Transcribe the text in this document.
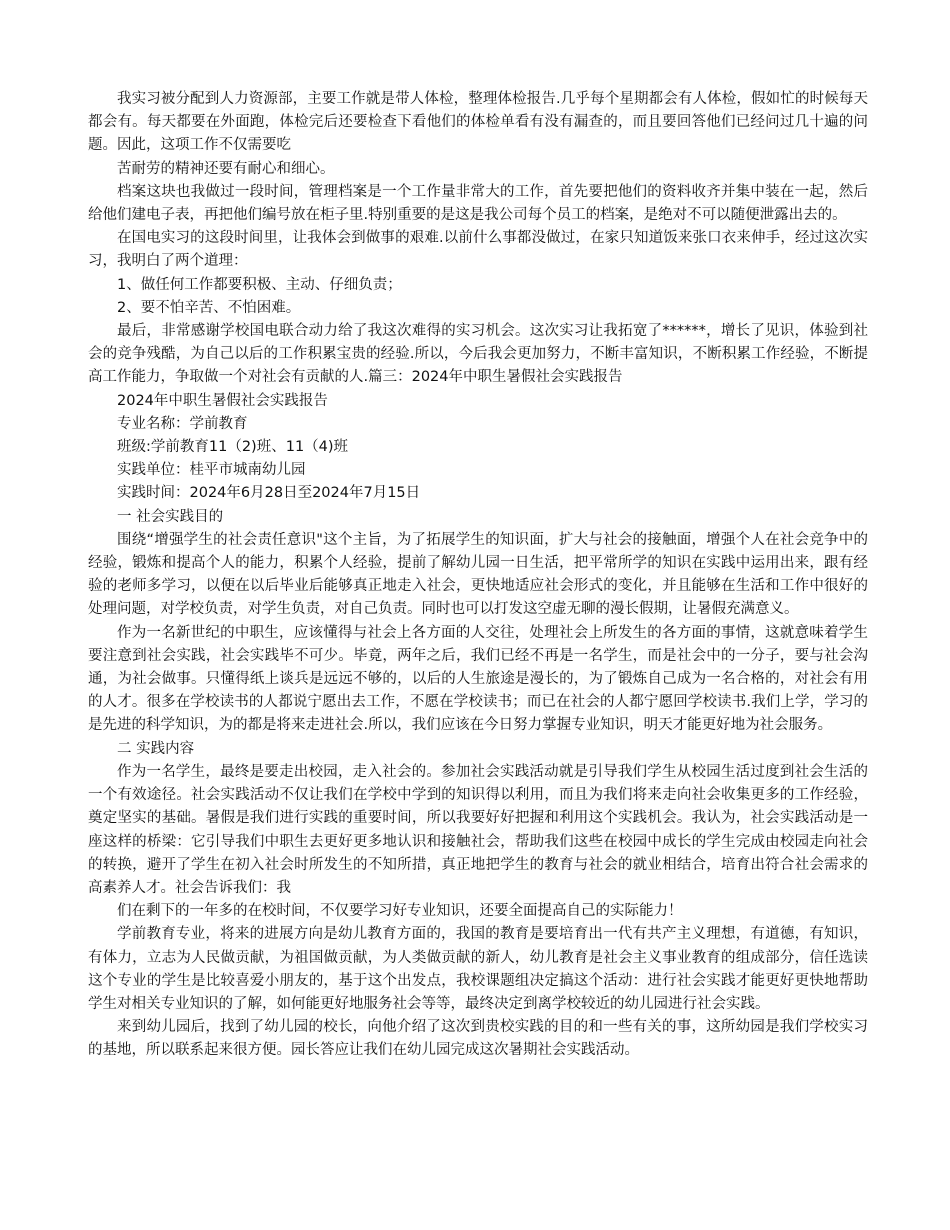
我实习被分配到人力资源部，主要工作就是带人体检，整理体检报告.几乎每个星期都会有人体检，假如忙的时候每天都会有。每天都要在外面跑，体检完后还要检查下看他们的体检单看有没有漏查的，而且要回答他们已经问过几十遍的问题。因此，这项工作不仅需要吃

苦耐劳的精神还要有耐心和细心。

档案这块也我做过一段时间，管理档案是一个工作量非常大的工作，首先要把他们的资料收齐并集中装在一起，然后给他们建电子表，再把他们编号放在柜子里.特别重要的是这是我公司每个员工的档案，是绝对不可以随便泄露出去的。

在国电实习的这段时间里，让我体会到做事的艰难.以前什么事都没做过，在家只知道饭来张口衣来伸手，经过这次实习，我明白了两个道理：

1、做任何工作都要积极、主动、仔细负责；

2、要不怕辛苦、不怕困难。

最后，非常感谢学校国电联合动力给了我这次难得的实习机会。这次实习让我拓宽了******，增长了见识，体验到社会的竞争残酷，为自己以后的工作积累宝贵的经验.所以，今后我会更加努力，不断丰富知识，不断积累工作经验，不断提高工作能力，争取做一个对社会有贡献的人.篇三：2024年中职生暑假社会实践报告

2024年中职生暑假社会实践报告

专业名称：学前教育

班级:学前教育11（2)班、11（4)班

实践单位：桂平市城南幼儿园

实践时间：2024年6月28日至2024年7月15日

一 社会实践目的

围绕“增强学生的社会责任意识"这个主旨，为了拓展学生的知识面，扩大与社会的接触面，增强个人在社会竞争中的经验，锻炼和提高个人的能力，积累个人经验，提前了解幼儿园一日生活，把平常所学的知识在实践中运用出来，跟有经验的老师多学习，以便在以后毕业后能够真正地走入社会，更快地适应社会形式的变化，并且能够在生活和工作中很好的处理问题，对学校负责，对学生负责，对自己负责。同时也可以打发这空虚无聊的漫长假期，让暑假充满意义。

作为一名新世纪的中职生，应该懂得与社会上各方面的人交往，处理社会上所发生的各方面的事情，这就意味着学生要注意到社会实践，社会实践毕不可少。毕竟，两年之后，我们已经不再是一名学生，而是社会中的一分子，要与社会沟通，为社会做事。只懂得纸上谈兵是远远不够的，以后的人生旅途是漫长的，为了锻炼自己成为一名合格的，对社会有用的人才。很多在学校读书的人都说宁愿出去工作，不愿在学校读书；而已在社会的人都宁愿回学校读书.我们上学，学习的是先进的科学知识，为的都是将来走进社会.所以，我们应该在今日努力掌握专业知识，明天才能更好地为社会服务。

二 实践内容

作为一名学生，最终是要走出校园，走入社会的。参加社会实践活动就是引导我们学生从校园生活过度到社会生活的一个有效途径。社会实践活动不仅让我们在学校中学到的知识得以利用，而且为我们将来走向社会收集更多的工作经验，奠定坚实的基础。暑假是我们进行实践的重要时间，所以我要好好把握和利用这个实践机会。我认为，社会实践活动是一座这样的桥梁：它引导我们中职生去更好更多地认识和接触社会，帮助我们这些在校园中成长的学生完成由校园走向社会的转换，避开了学生在初入社会时所发生的不知所措，真正地把学生的教育与社会的就业相结合，培育出符合社会需求的高素养人才。社会告诉我们：我

们在剩下的一年多的在校时间，不仅要学习好专业知识，还要全面提高自己的实际能力！

学前教育专业，将来的进展方向是幼儿教育方面的，我国的教育是要培育出一代有共产主义理想，有道德，有知识，有体力，立志为人民做贡献，为祖国做贡献，为人类做贡献的新人，幼儿教育是社会主义事业教育的组成部分，信任选读这个专业的学生是比较喜爱小朋友的，基于这个出发点，我校课题组决定搞这个活动：进行社会实践才能更好更快地帮助学生对相关专业知识的了解，如何能更好地服务社会等等，最终决定到离学校较近的幼儿园进行社会实践。

来到幼儿园后，找到了幼儿园的校长，向他介绍了这次到贵校实践的目的和一些有关的事，这所幼园是我们学校实习的基地，所以联系起来很方便。园长答应让我们在幼儿园完成这次暑期社会实践活动。
